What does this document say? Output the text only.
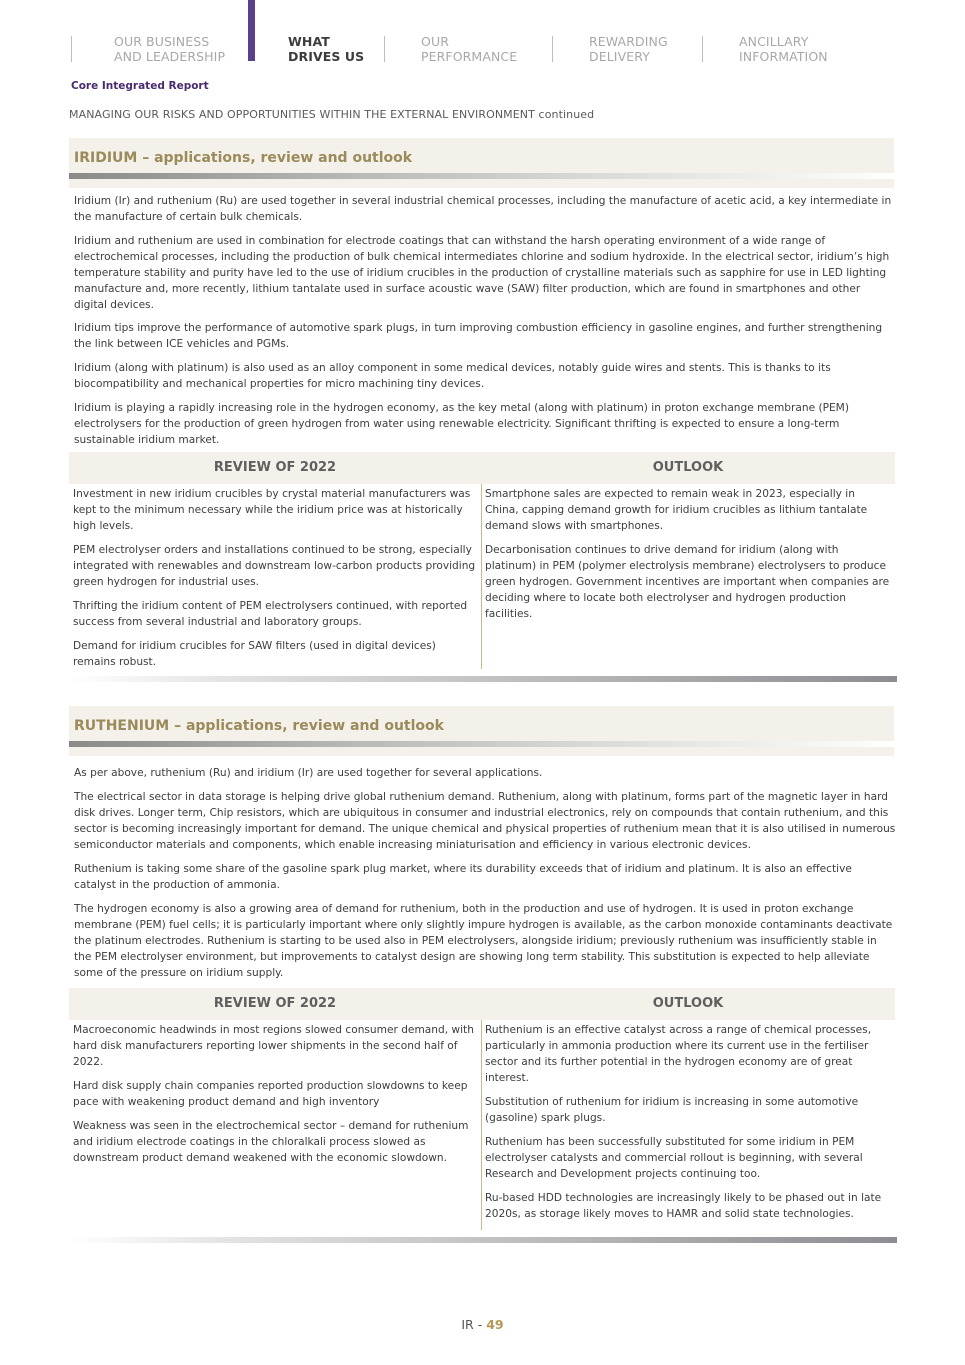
OUR BUSINESS
AND LEADERSHIP
WHAT
DRIVES US
OUR
PERFORMANCE
REWARDING
DELIVERY
ANCILLARY
INFORMATION
Core Integrated Report
MANAGING OUR RISKS AND OPPORTUNITIES WITHIN THE EXTERNAL ENVIRONMENT continued
IRIDIUM – applications, review and outlook
Iridium (Ir) and ruthenium (Ru) are used together in several industrial chemical processes, including the manufacture of acetic acid, a key intermediate in the manufacture of certain bulk chemicals.
Iridium and ruthenium are used in combination for electrode coatings that can withstand the harsh operating environment of a wide range of electrochemical processes, including the production of bulk chemical intermediates chlorine and sodium hydroxide. In the electrical sector, iridium’s high temperature stability and purity have led to the use of iridium crucibles in the production of crystalline materials such as sapphire for use in LED lighting manufacture and, more recently, lithium tantalate used in surface acoustic wave (SAW) filter production, which are found in smartphones and other digital devices.
Iridium tips improve the performance of automotive spark plugs, in turn improving combustion efficiency in gasoline engines, and further strengthening the link between ICE vehicles and PGMs.
Iridium (along with platinum) is also used as an alloy component in some medical devices, notably guide wires and stents. This is thanks to its biocompatibility and mechanical properties for micro machining tiny devices.
Iridium is playing a rapidly increasing role in the hydrogen economy, as the key metal (along with platinum) in proton exchange membrane (PEM) electrolysers for the production of green hydrogen from water using renewable electricity. Significant thrifting is expected to ensure a long-term sustainable iridium market.
REVIEW OF 2022	OUTLOOK

Investment in new iridium crucibles by crystal material manufacturers was kept to the minimum necessary while the iridium price was at historically high levels.

PEM electrolyser orders and installations continued to be strong, especially integrated with renewables and downstream low-carbon products providing green hydrogen for industrial uses.

Thrifting the iridium content of PEM electrolysers continued, with reported success from several industrial and laboratory groups.

Demand for iridium crucibles for SAW filters (used in digital devices) remains robust.

Smartphone sales are expected to remain weak in 2023, especially in China, capping demand growth for iridium crucibles as lithium tantalate demand slows with smartphones.

Decarbonisation continues to drive demand for iridium (along with platinum) in PEM (polymer electrolysis membrane) electrolysers to produce green hydrogen. Government incentives are important when companies are deciding where to locate both electrolyser and hydrogen production facilities.

RUTHENIUM – applications, review and outlook
As per above, ruthenium (Ru) and iridium (Ir) are used together for several applications.
The electrical sector in data storage is helping drive global ruthenium demand. Ruthenium, along with platinum, forms part of the magnetic layer in hard disk drives. Longer term, Chip resistors, which are ubiquitous in consumer and industrial electronics, rely on compounds that contain ruthenium, and this sector is becoming increasingly important for demand. The unique chemical and physical properties of ruthenium mean that it is also utilised in numerous semiconductor materials and components, which enable increasing miniaturisation and efficiency in various electronic devices.
Ruthenium is taking some share of the gasoline spark plug market, where its durability exceeds that of iridium and platinum. It is also an effective catalyst in the production of ammonia.
The hydrogen economy is also a growing area of demand for ruthenium, both in the production and use of hydrogen. It is used in proton exchange membrane (PEM) fuel cells; it is particularly important where only slightly impure hydrogen is available, as the carbon monoxide contaminants deactivate the platinum electrodes. Ruthenium is starting to be used also in PEM electrolysers, alongside iridium; previously ruthenium was insufficiently stable in the PEM electrolyser environment, but improvements to catalyst design are showing long term stability. This substitution is expected to help alleviate some of the pressure on iridium supply.
REVIEW OF 2022	OUTLOOK

Macroeconomic headwinds in most regions slowed consumer demand, with hard disk manufacturers reporting lower shipments in the second half of 2022.

Hard disk supply chain companies reported production slowdowns to keep pace with weakening product demand and high inventory

Weakness was seen in the electrochemical sector – demand for ruthenium and iridium electrode coatings in the chloralkali process slowed as downstream product demand weakened with the economic slowdown.

Ruthenium is an effective catalyst across a range of chemical processes, particularly in ammonia production where its current use in the fertiliser sector and its further potential in the hydrogen economy are of great interest.

Substitution of ruthenium for iridium is increasing in some automotive (gasoline) spark plugs.

Ruthenium has been successfully substituted for some iridium in PEM electrolyser catalysts and commercial rollout is beginning, with several Research and Development projects continuing too.

Ru-based HDD technologies are increasingly likely to be phased out in late 2020s, as storage likely moves to HAMR and solid state technologies.

IR - 49
